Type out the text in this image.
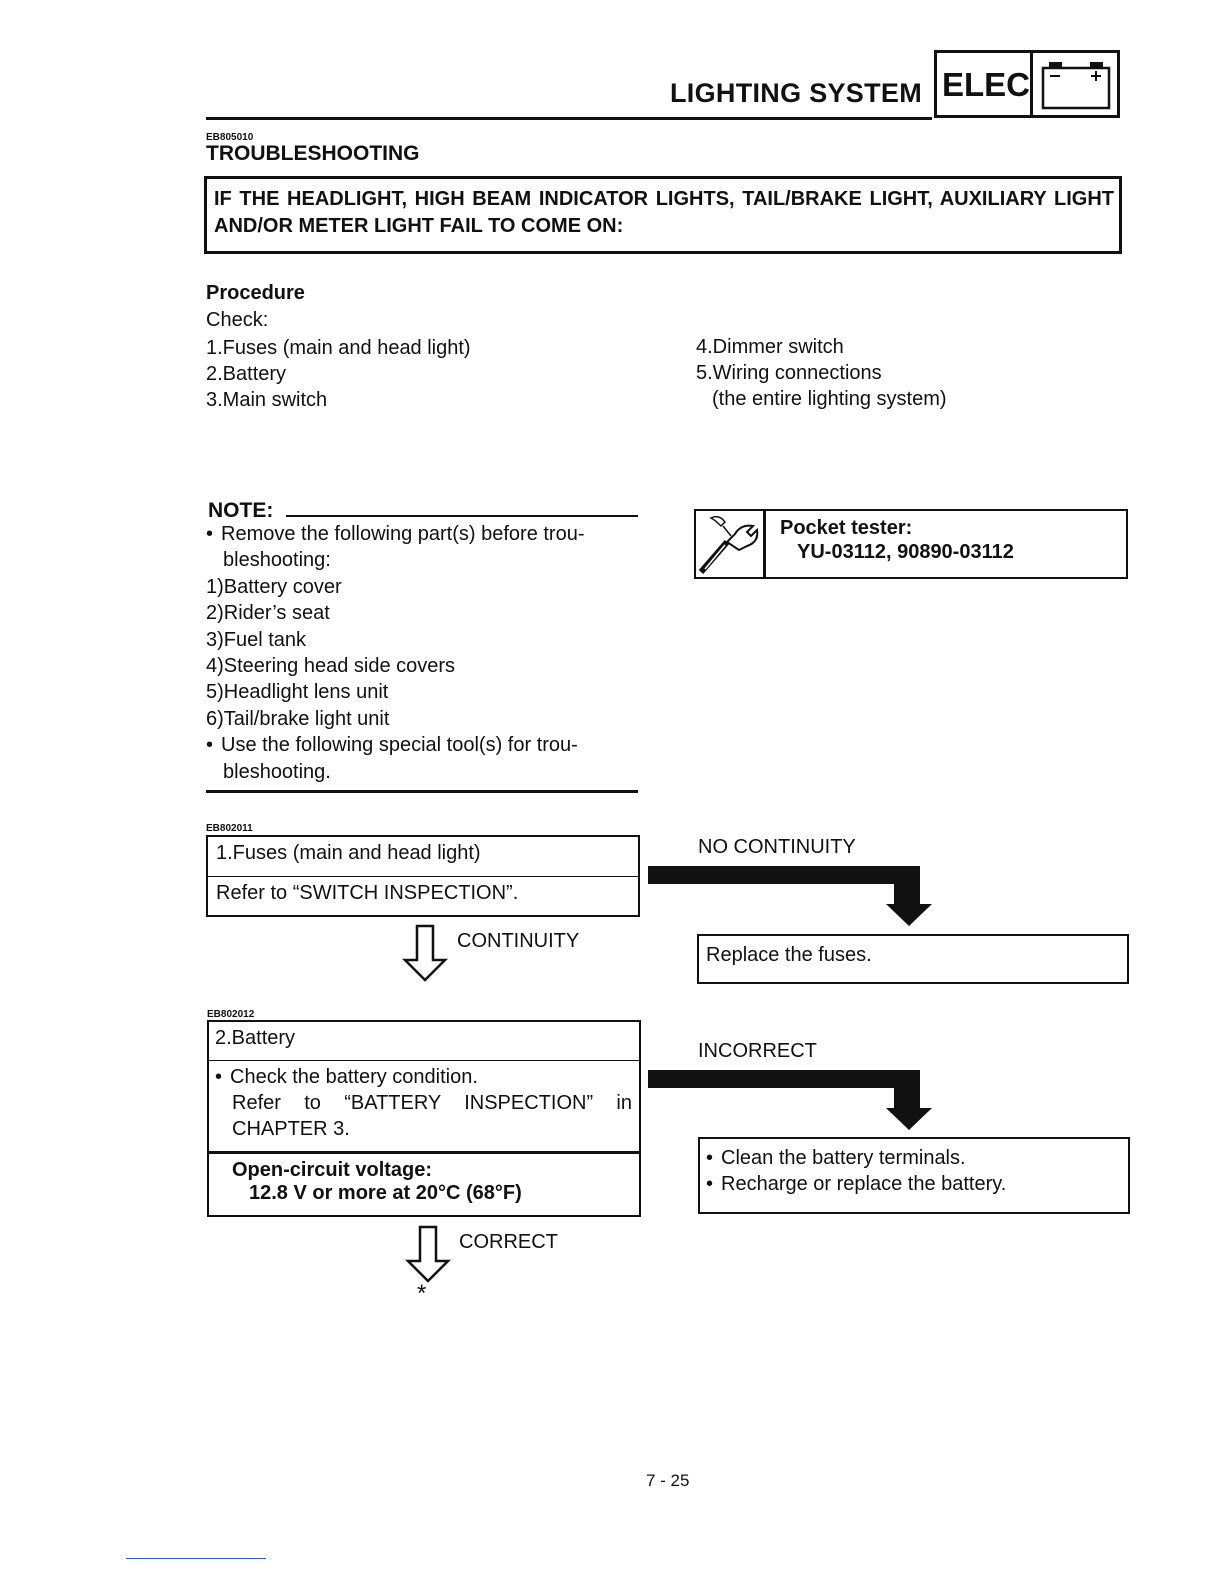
LIGHTING SYSTEM ELEC
EB805010
TROUBLESHOOTING
IF THE HEADLIGHT, HIGH BEAM INDICATOR LIGHTS, TAIL/BRAKE LIGHT, AUXILIARY LIGHT AND/OR METER LIGHT FAIL TO COME ON:
Procedure
Check:
1.Fuses (main and head light)
2.Battery
3.Main switch
4.Dimmer switch
5.Wiring connections
(the entire lighting system)
NOTE:
• Remove the following part(s) before trou-
bleshooting:
1)Battery cover
2)Rider’s seat
3)Fuel tank
4)Steering head side covers
5)Headlight lens unit
6)Tail/brake light unit
• Use the following special tool(s) for trou-
bleshooting.
Pocket tester:
YU-03112, 90890-03112
EB802011
1.Fuses (main and head light)
Refer to “SWITCH INSPECTION”.
NO CONTINUITY
Replace the fuses.
CONTINUITY
EB802012
2.Battery
• Check the battery condition.
Refer to “BATTERY INSPECTION” in
CHAPTER 3.
Open-circuit voltage:
12.8 V or more at 20°C (68°F)
INCORRECT
• Clean the battery terminals.
• Recharge or replace the battery.
CORRECT
*
7 - 25
